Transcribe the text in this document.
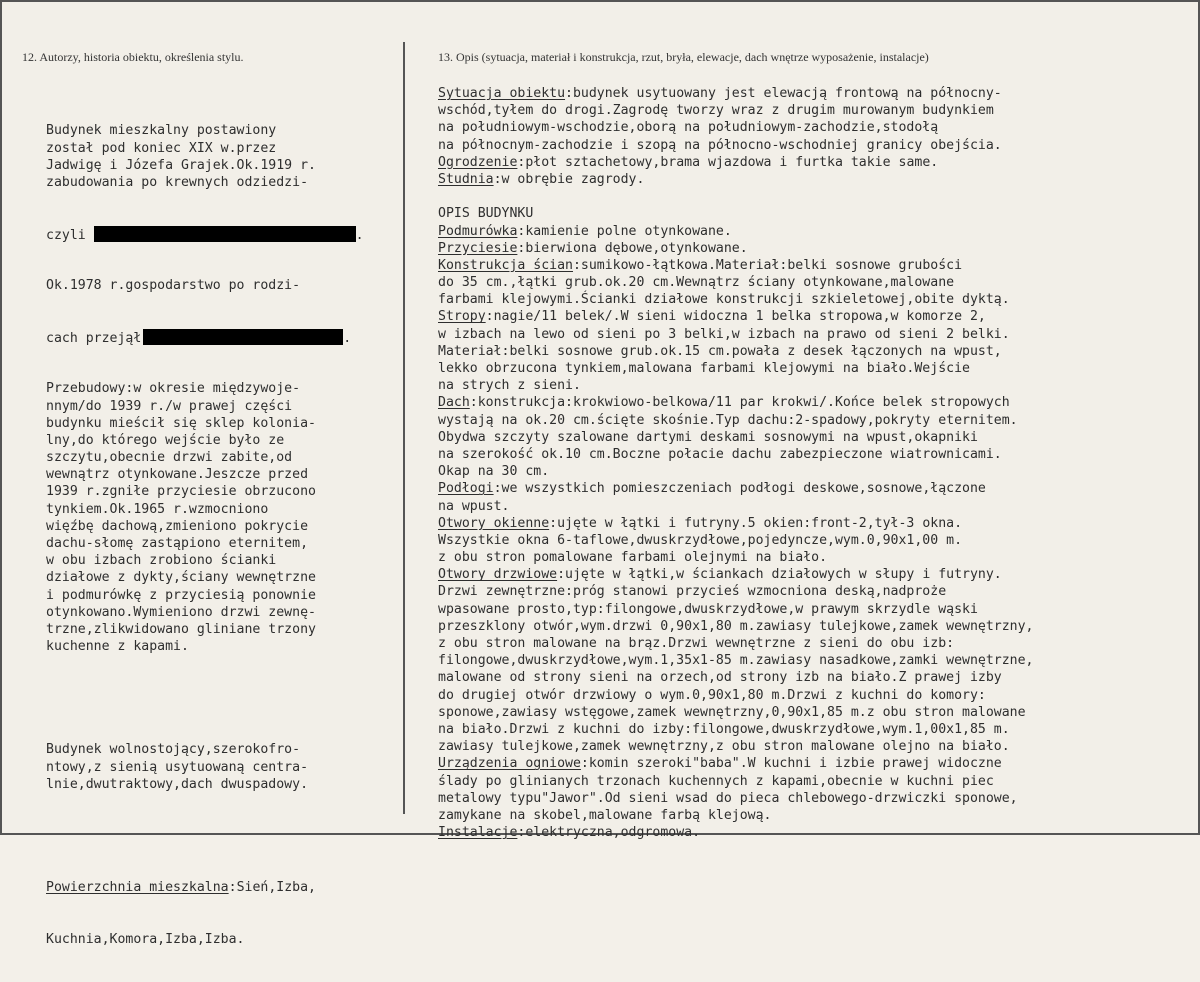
12. Autorzy, historia obiektu, określenia stylu.	13. Opis (sytuacja, materiał i konstrukcja, rzut, bryła, elewacje, dach wnętrze wyposażenie, instalacje)

Budynek mieszkalny postawiony
został pod koniec XIX w.przez
Jadwigę i Józefa Grajek.Ok.1919 r.
zabudowania po krewnych odziedzi-

czyli	.

Ok.1978 r.gospodarstwo po rodzi-

cach przejął	.

Przebudowy:w okresie międzywoje-
nnym/do 1939 r./w prawej części
budynku mieścił się sklep kolonia-
lny,do którego wejście było ze
szczytu,obecnie drzwi zabite,od
wewnątrz otynkowane.Jeszcze przed
1939 r.zgniłe przyciesie obrzucono
tynkiem.Ok.1965 r.wzmocniono
więźbę dachową,zmieniono pokrycie
dachu-słomę zastąpiono eternitem,
w obu izbach zrobiono ścianki
działowe z dykty,ściany wewnętrzne
i podmurówkę z przyciesią ponownie
otynkowano.Wymieniono drzwi zewnę-
trzne,zlikwidowano gliniane trzony
kuchenne z kapami.

Budynek wolnostojący,szerokofro-
ntowy,z sienią usytuowaną centra-
lnie,dwutraktowy,dach dwuspadowy.

Powierzchnia mieszkalna:Sień,Izba,

Kuchnia,Komora,Izba,Izba.

Sytuacja obiektu:budynek usytuowany jest elewacją frontową na północny-
wschód,tyłem do drogi.Zagrodę tworzy wraz z drugim murowanym budynkiem
na południowym-wschodzie,oborą na południowym-zachodzie,stodołą
na północnym-zachodzie i szopą na północno-wschodniej granicy obejścia.
Ogrodzenie:płot sztachetowy,brama wjazdowa i furtka takie same.
Studnia:w obrębie zagrody.
OPIS BUDYNKU
Podmurówka:kamienie polne otynkowane.
Przyciesie:bierwiona dębowe,otynkowane.
Konstrukcja ścian:sumikowo-łątkowa.Materiał:belki sosnowe grubości
do 35 cm.,łątki grub.ok.20 cm.Wewnątrz ściany otynkowane,malowane
farbami klejowymi.Ścianki działowe konstrukcji szkieletowej,obite dyktą.
Stropy:nagie/11 belek/.W sieni widoczna 1 belka stropowa,w komorze 2,
w izbach na lewo od sieni po 3 belki,w izbach na prawo od sieni 2 belki.
Materiał:belki sosnowe grub.ok.15 cm.powała z desek łączonych na wpust,
lekko obrzucona tynkiem,malowana farbami klejowymi na biało.Wejście
na strych z sieni.
Dach:konstrukcja:krokwiowo-belkowa/11 par krokwi/.Końce belek stropowych
wystają na ok.20 cm.ścięte skośnie.Typ dachu:2-spadowy,pokryty eternitem.
Obydwa szczyty szalowane dartymi deskami sosnowymi na wpust,okapniki
na szerokość ok.10 cm.Boczne połacie dachu zabezpieczone wiatrownicami.
Okap na 30 cm.
Podłogi:we wszystkich pomieszczeniach podłogi deskowe,sosnowe,łączone
na wpust.
Otwory okienne:ujęte w łątki i futryny.5 okien:front-2,tył-3 okna.
Wszystkie okna 6-taflowe,dwuskrzydłowe,pojedyncze,wym.0,90x1,00 m.
z obu stron pomalowane farbami olejnymi na biało.
Otwory drzwiowe:ujęte w łątki,w ściankach działowych w słupy i futryny.
Drzwi zewnętrzne:próg stanowi przycieś wzmocniona deską,nadproże
wpasowane prosto,typ:filongowe,dwuskrzydłowe,w prawym skrzydle wąski
przeszklony otwór,wym.drzwi 0,90x1,80 m.zawiasy tulejkowe,zamek wewnętrzny,
z obu stron malowane na brąz.Drzwi wewnętrzne z sieni do obu izb:
filongowe,dwuskrzydłowe,wym.1,35x1-85 m.zawiasy nasadkowe,zamki wewnętrzne,
malowane od strony sieni na orzech,od strony izb na biało.Z prawej izby
do drugiej otwór drzwiowy o wym.0,90x1,80 m.Drzwi z kuchni do komory:
sponowe,zawiasy wstęgowe,zamek wewnętrzny,0,90x1,85 m.z obu stron malowane
na biało.Drzwi z kuchni do izby:filongowe,dwuskrzydłowe,wym.1,00x1,85 m.
zawiasy tulejkowe,zamek wewnętrzny,z obu stron malowane olejno na biało.
Urządzenia ogniowe:komin szeroki"baba".W kuchni i izbie prawej widoczne
ślady po glinianych trzonach kuchennych z kapami,obecnie w kuchni piec
metalowy typu"Jawor".Od sieni wsad do pieca chlebowego-drzwiczki sponowe,
zamykane na skobel,malowane farbą klejową.
Instalacje:elektryczna,odgromowa.
